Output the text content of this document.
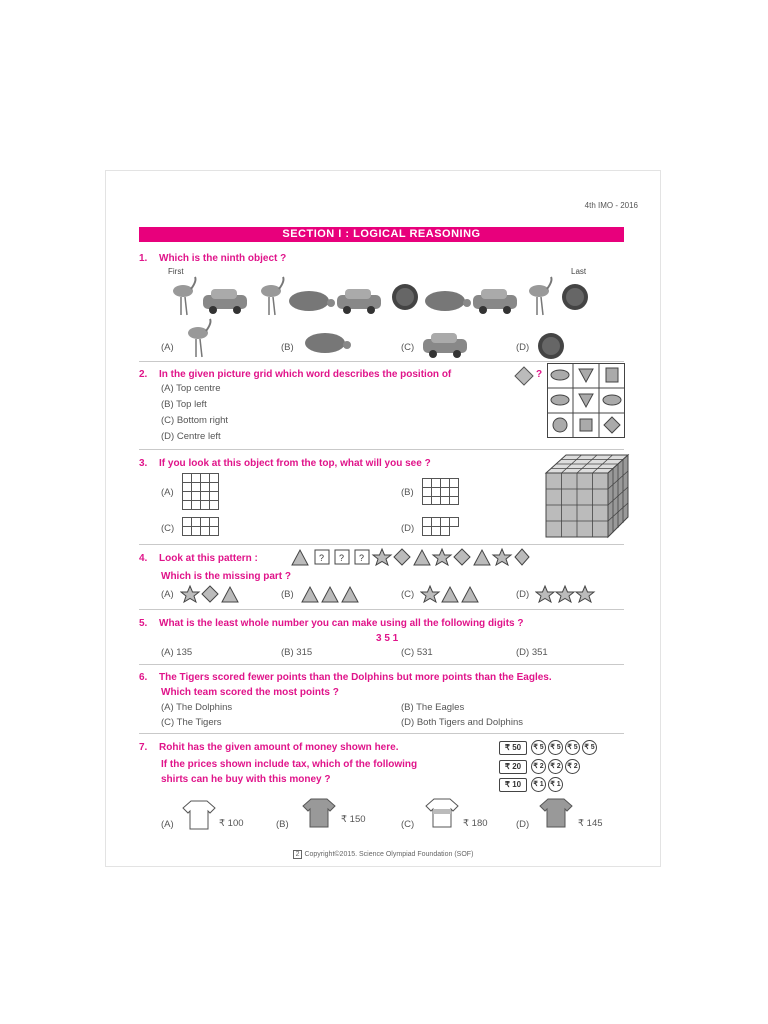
4th IMO - 2016
SECTION I : LOGICAL REASONING
1. Which is the ninth object ?
First	Last
(A)	(B)	(C)	(D)
2. In the given picture grid which word describes the position of	?
(A) Top centre
(B) Top left
(C) Bottom right
(D) Centre left
3. If you look at this object from the top, what will you see ?
(A)	(B)
(C)	(D)
4. Look at this pattern :	? ? ?
Which is the missing part ?
(A)	(B)	(C)	(D)
5. What is the least whole number you can make using all the following digits ?
3 5 1
(A) 135	(B) 315	(C) 531	(D) 351
6. The Tigers scored fewer points than the Dolphins but more points than the Eagles.
Which team scored the most points ?
(A) The Dolphins	(B) The Eagles
(C) The Tigers	(D) Both Tigers and Dolphins
7. Rohit has the given amount of money shown here.
If the prices shown include tax, which of the following
shirts can he buy with this money ?
₹ 50	₹ 5 ₹ 5 ₹ 5 ₹ 5
₹ 20	₹ 2 ₹ 2 ₹ 2
₹ 10	₹ 1 ₹ 1
(A)	₹ 100	(B)	₹ 150	(C)	₹ 180	(D)	₹ 145
2 Copyright©2015. Science Olympiad Foundation (SOF)
